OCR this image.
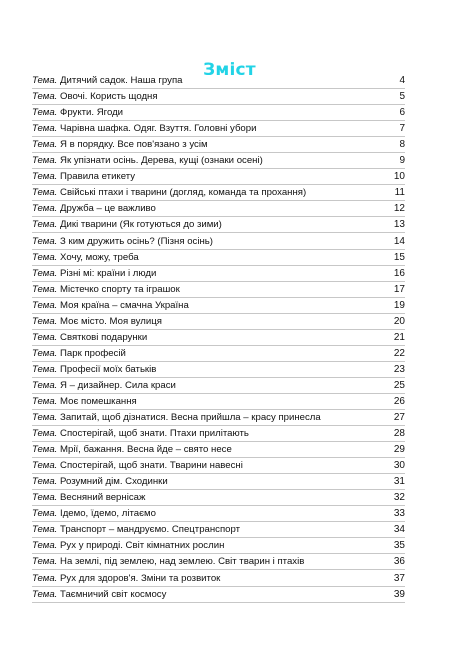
Зміст
Тема. Дитячий садок. Наша група	4
Тема. Овочі. Користь щодня	5
Тема. Фрукти. Ягоди	6
Тема. Чарівна шафка. Одяг. Взуття. Головні убори	7
Тема. Я в порядку. Все пов'язано з усім	8
Тема. Як упізнати осінь. Дерева, кущі (ознаки осені)	9
Тема. Правила етикету	10
Тема. Свійські птахи і тварини (догляд, команда та прохання)	11
Тема. Дружба – це важливо	12
Тема. Дикі тварини (Як готуються до зими)	13
Тема. З ким дружить осінь? (Пізня осінь)	14
Тема. Хочу, можу, треба	15
Тема. Різні мі: країни і люди	16
Тема. Містечко спорту та іграшок	17
Тема. Моя країна – смачна Україна	19
Тема. Моє місто. Моя вулиця	20
Тема. Святкові подарунки	21
Тема. Парк професій	22
Тема. Професії моїх батьків	23
Тема. Я – дизайнер. Сила краси	25
Тема. Моє помешкання	26
Тема. Запитай, щоб дізнатися. Весна прийшла – красу принесла	27
Тема. Спостерігай, щоб знати. Птахи прилітають	28
Тема. Мрії, бажання. Весна йде – свято несе	29
Тема. Спостерігай, щоб знати. Тварини навесні	30
Тема. Розумний дім. Сходинки	31
Тема. Весняний вернісаж	32
Тема. Ідемо, їдемо, літаємо	33
Тема. Транспорт – мандруємо. Спецтранспорт	34
Тема. Рух у природі. Світ кімнатних рослин	35
Тема. На землі, під землею, над землею. Світ тварин і птахів	36
Тема. Рух для здоров'я. Зміни та розвиток	37
Тема. Таємничий світ космосу	39
